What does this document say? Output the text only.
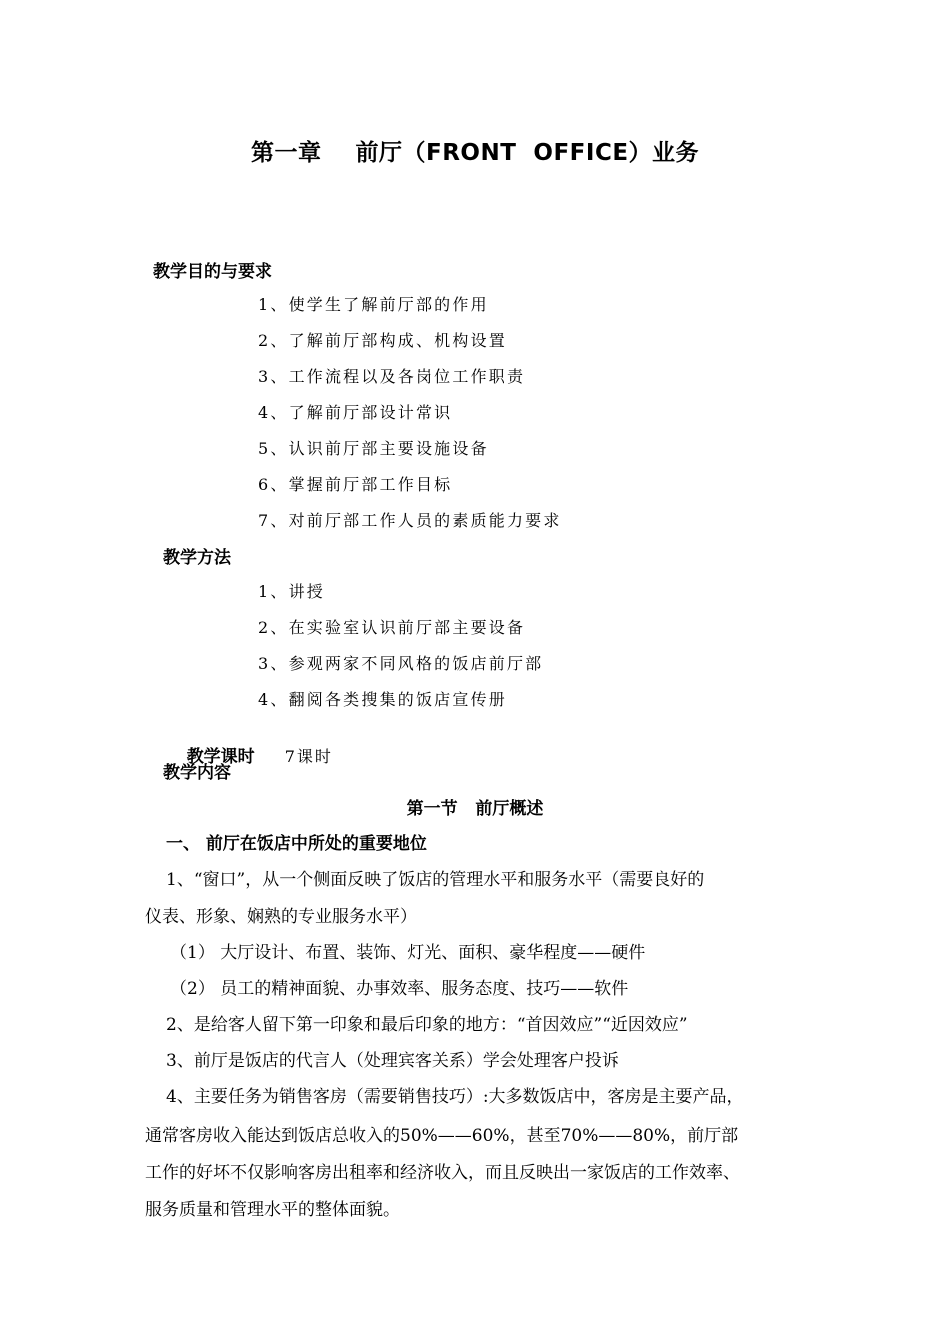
第一章    前厅（FRONT  OFFICE）业务
教学目的与要求
1、使学生了解前厅部的作用
2、了解前厅部构成、机构设置
3、工作流程以及各岗位工作职责
4、了解前厅部设计常识
5、认识前厅部主要设施设备
6、掌握前厅部工作目标
7、对前厅部工作人员的素质能力要求
教学方法
1、讲授
2、在实验室认识前厅部主要设备
3、参观两家不同风格的饭店前厅部
4、翻阅各类搜集的饭店宣传册

教学课时 7课时

教学内容
第一节   前厅概述
一、 前厅在饭店中所处的重要地位
1、“窗口”，从一个侧面反映了饭店的管理水平和服务水平（需要良好的
仪表、形象、娴熟的专业服务水平）
（1） 大厅设计、布置、装饰、灯光、面积、豪华程度——硬件
（2） 员工的精神面貌、办事效率、服务态度、技巧——软件
2、是给客人留下第一印象和最后印象的地方：“首因效应”“近因效应”
3、前厅是饭店的代言人（处理宾客关系）学会处理客户投诉
4、主要任务为销售客房（需要销售技巧）:大多数饭店中，客房是主要产品，
通常客房收入能达到饭店总收入的50%——60%，甚至70%——80%，前厅部
工作的好坏不仅影响客房出租率和经济收入，而且反映出一家饭店的工作效率、
服务质量和管理水平的整体面貌。
